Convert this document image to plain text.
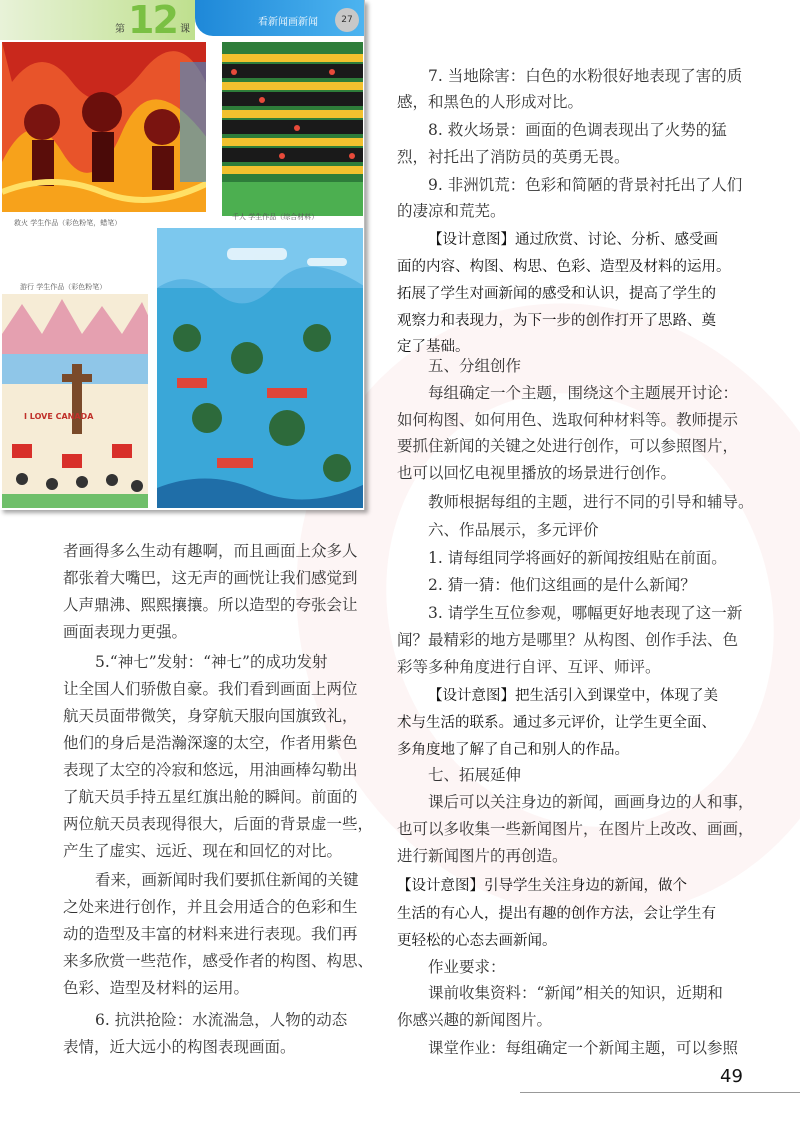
第 12 课
看新闻画新闻	27
救火 学生作品（彩色粉笔，蜡笔）
千人 学生作品（综合材料）
I LOVE CANADA
游行 学生作品（彩色粉笔）
7. 当地除害：白色的水粉很好地表现了害的质
感，和黑色的人形成对比。
8. 救火场景：画面的色调表现出了火势的猛
烈，衬托出了消防员的英勇无畏。
9. 非洲饥荒：色彩和简陋的背景衬托出了人们
的凄凉和荒芜。
【设计意图】通过欣赏、讨论、分析、感受画
面的内容、构图、构思、色彩、造型及材料的运用。
拓展了学生对画新闻的感受和认识，提高了学生的
观察力和表现力，为下一步的创作打开了思路、奠
定了基础。
五、分组创作
每组确定一个主题，围绕这个主题展开讨论：
如何构图、如何用色、选取何种材料等。教师提示
要抓住新闻的关键之处进行创作，可以参照图片，
也可以回忆电视里播放的场景进行创作。
教师根据每组的主题，进行不同的引导和辅导。
六、作品展示，多元评价
1. 请每组同学将画好的新闻按组贴在前面。
2. 猜一猜：他们这组画的是什么新闻？
3. 请学生互位参观，哪幅更好地表现了这一新
闻？最精彩的地方是哪里？从构图、创作手法、色
彩等多种角度进行自评、互评、师评。
【设计意图】把生活引入到课堂中，体现了美
术与生活的联系。通过多元评价，让学生更全面、
多角度地了解了自己和别人的作品。
七、拓展延伸
课后可以关注身边的新闻，画画身边的人和事，
也可以多收集一些新闻图片，在图片上改改、画画，
进行新闻图片的再创造。
【设计意图】引导学生关注身边的新闻，做个
生活的有心人，提出有趣的创作方法，会让学生有
更轻松的心态去画新闻。
作业要求：
课前收集资料：“新闻”相关的知识，近期和
你感兴趣的新闻图片。
课堂作业：每组确定一个新闻主题，可以参照
者画得多么生动有趣啊，而且画面上众多人
都张着大嘴巴，这无声的画恍让我们感觉到
人声鼎沸、熙熙攘攘。所以造型的夸张会让
画面表现力更强。
5.“神七”发射：“神七”的成功发射
让全国人们骄傲自豪。我们看到画面上两位
航天员面带微笑，身穿航天服向国旗致礼，
他们的身后是浩瀚深邃的太空，作者用紫色
表现了太空的冷寂和悠远，用油画棒勾勒出
了航天员手持五星红旗出舱的瞬间。前面的
两位航天员表现得很大，后面的背景虚一些，
产生了虚实、远近、现在和回忆的对比。
看来，画新闻时我们要抓住新闻的关键
之处来进行创作，并且会用适合的色彩和生
动的造型及丰富的材料来进行表现。我们再
来多欣赏一些范作，感受作者的构图、构思、
色彩、造型及材料的运用。
6. 抗洪抢险：水流湍急，人物的动态
表情，近大远小的构图表现画面。
49
